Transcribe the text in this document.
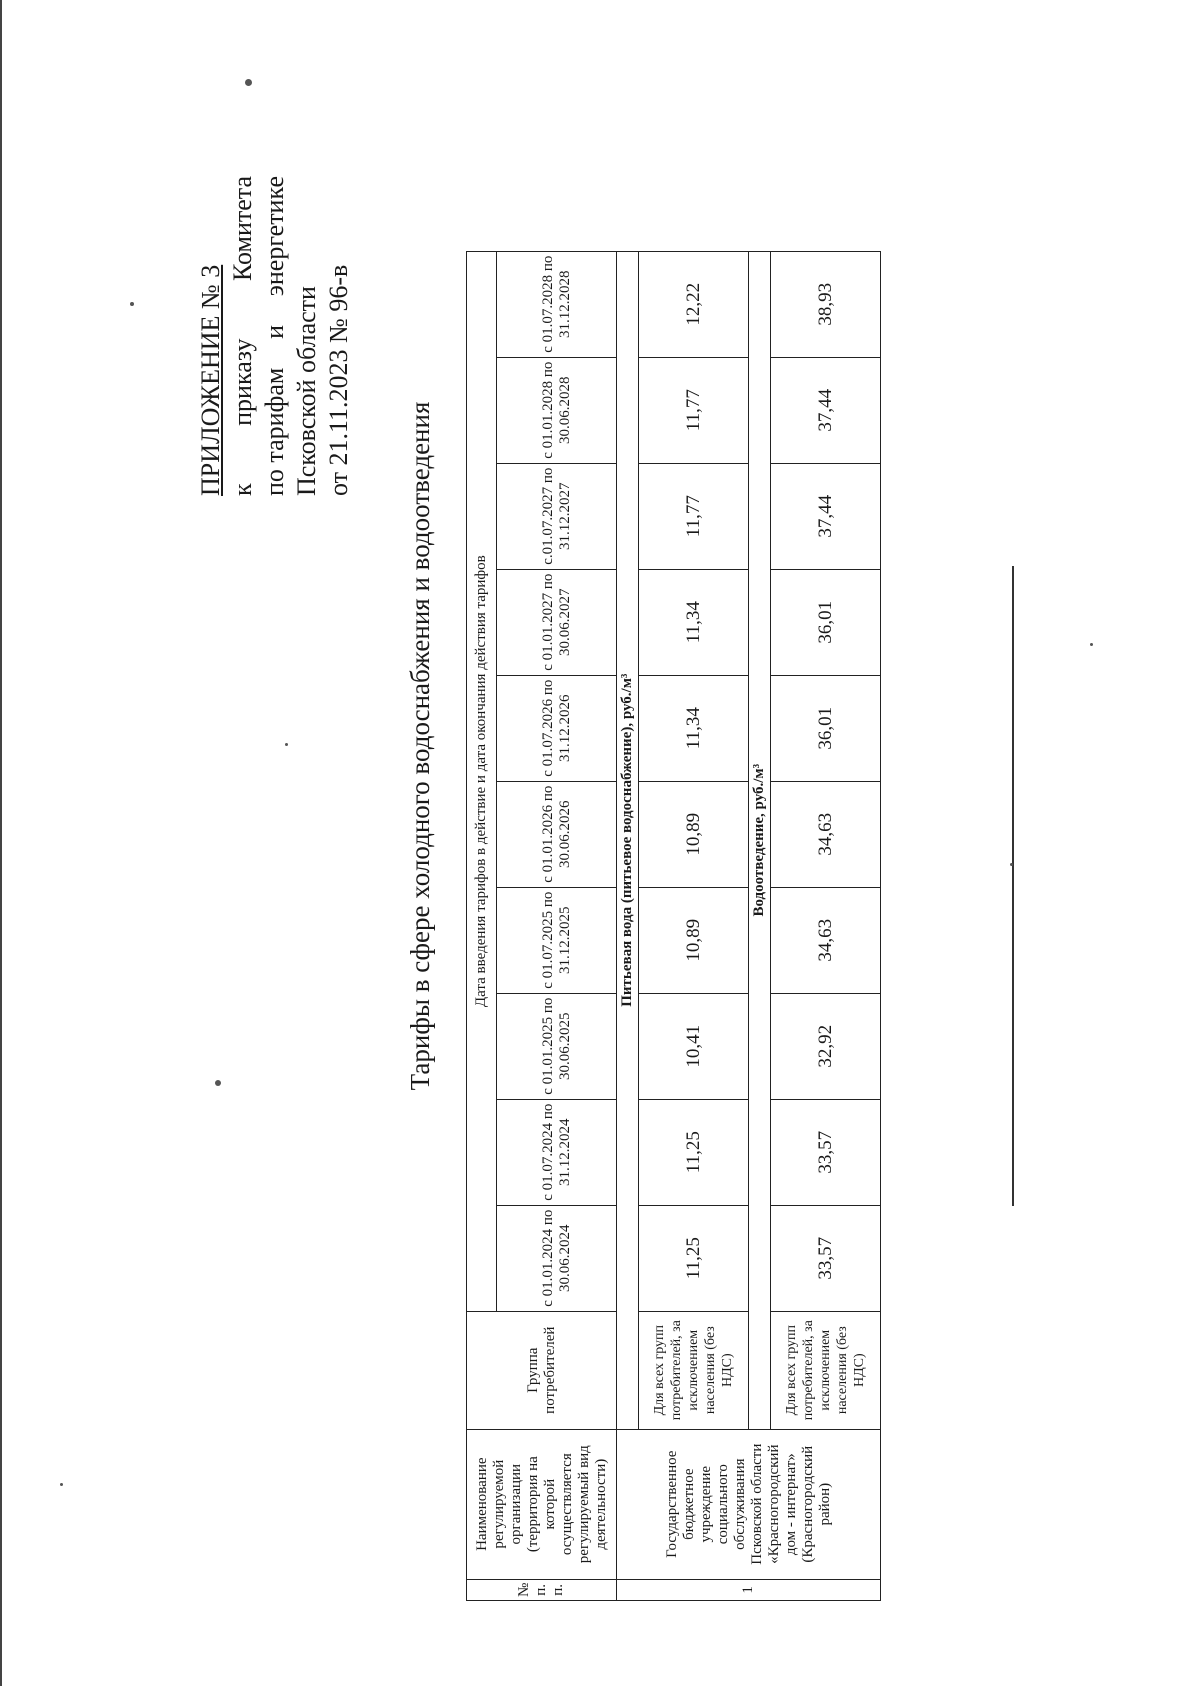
ПРИЛОЖЕНИЕ № 3 к
приказу
Комитета
по тарифам
и
энергетике
Псковской области от 21.11.2023 № 96-в
Тарифы в сфере холодного водоснабжения и водоотведения
№ п. п.	Наименование регулируемой организации (территория на которой осуществляется регулируемый вид деятельности)	Группа потребителей	Дата введения тарифов в действие и дата окончания действия тарифов									
			с 01.01.2024 по 30.06.2024	с 01.07.2024 по 31.12.2024	с 01.01.2025 по 30.06.2025	с 01.07.2025 по 31.12.2025	с 01.01.2026 по 30.06.2026	с 01.07.2026 по 31.12.2026	с 01.01.2027 по 30.06.2027	с.01.07.2027 по 31.12.2027	с 01.01.2028 по 30.06.2028	с 01.07.2028 по 31.12.2028
1	Государственное бюджетное учреждение социального обслуживания Псковской области «Красногородский дом - интернат» (Красногородский район)	Питьевая вода (питьевое водоснабжение), руб./м³										
		Для всех групп потребителей, за исключением населения (без НДС)	11,25	11,25	10,41	10,89	10,89	11,34	11,34	11,77	11,77	12,22
		Водоотведение, руб./м³										
		Для всех групп потребителей, за исключением населения (без НДС)	33,57	33,57	32,92	34,63	34,63	36,01	36,01	37,44	37,44	38,93
